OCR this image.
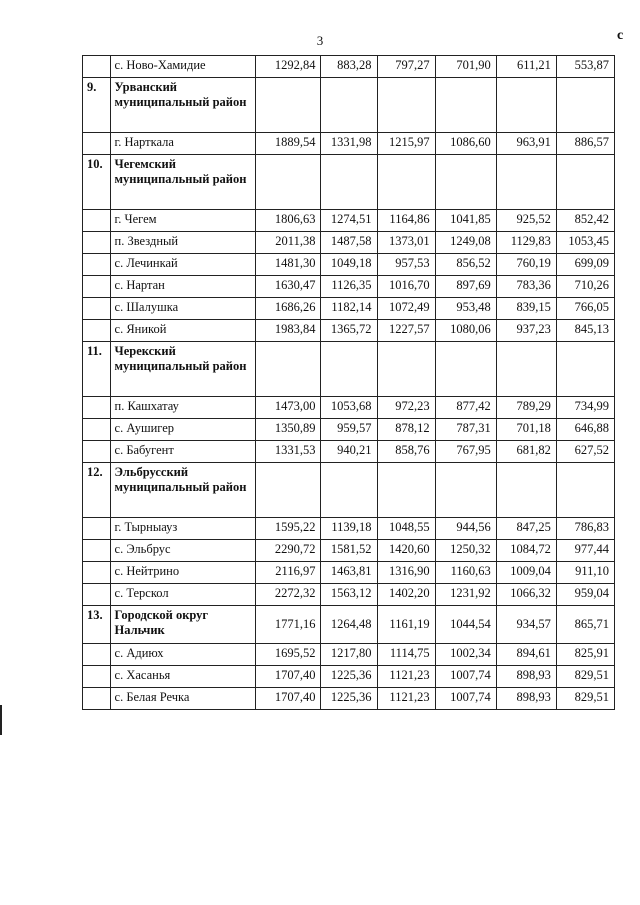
3	с
	с. Ново-Хамидие	1292,84	883,28	797,27	701,90	611,21	553,87
9.	Урванский муниципальный район						
	г. Нарткала	1889,54	1331,98	1215,97	1086,60	963,91	886,57
10.	Чегемский муниципальный район						
	г. Чегем	1806,63	1274,51	1164,86	1041,85	925,52	852,42
	п. Звездный	2011,38	1487,58	1373,01	1249,08	1129,83	1053,45
	с. Лечинкай	1481,30	1049,18	957,53	856,52	760,19	699,09
	с. Нартан	1630,47	1126,35	1016,70	897,69	783,36	710,26
	с. Шалушка	1686,26	1182,14	1072,49	953,48	839,15	766,05
	с. Яникой	1983,84	1365,72	1227,57	1080,06	937,23	845,13
11.	Черекский муниципальный район						
	п. Кашхатау	1473,00	1053,68	972,23	877,42	789,29	734,99
	с. Аушигер	1350,89	959,57	878,12	787,31	701,18	646,88
	с. Бабугент	1331,53	940,21	858,76	767,95	681,82	627,52
12.	Эльбрусский муниципальный район						
	г. Тырныауз	1595,22	1139,18	1048,55	944,56	847,25	786,83
	с. Эльбрус	2290,72	1581,52	1420,60	1250,32	1084,72	977,44
	с. Нейтрино	2116,97	1463,81	1316,90	1160,63	1009,04	911,10
	с. Терскол	2272,32	1563,12	1402,20	1231,92	1066,32	959,04
13.	Городской округ Нальчик	1771,16	1264,48	1161,19	1044,54	934,57	865,71
	с. Адиюх	1695,52	1217,80	1114,75	1002,34	894,61	825,91
	с. Хасанья	1707,40	1225,36	1121,23	1007,74	898,93	829,51
	с. Белая Речка	1707,40	1225,36	1121,23	1007,74	898,93	829,51
